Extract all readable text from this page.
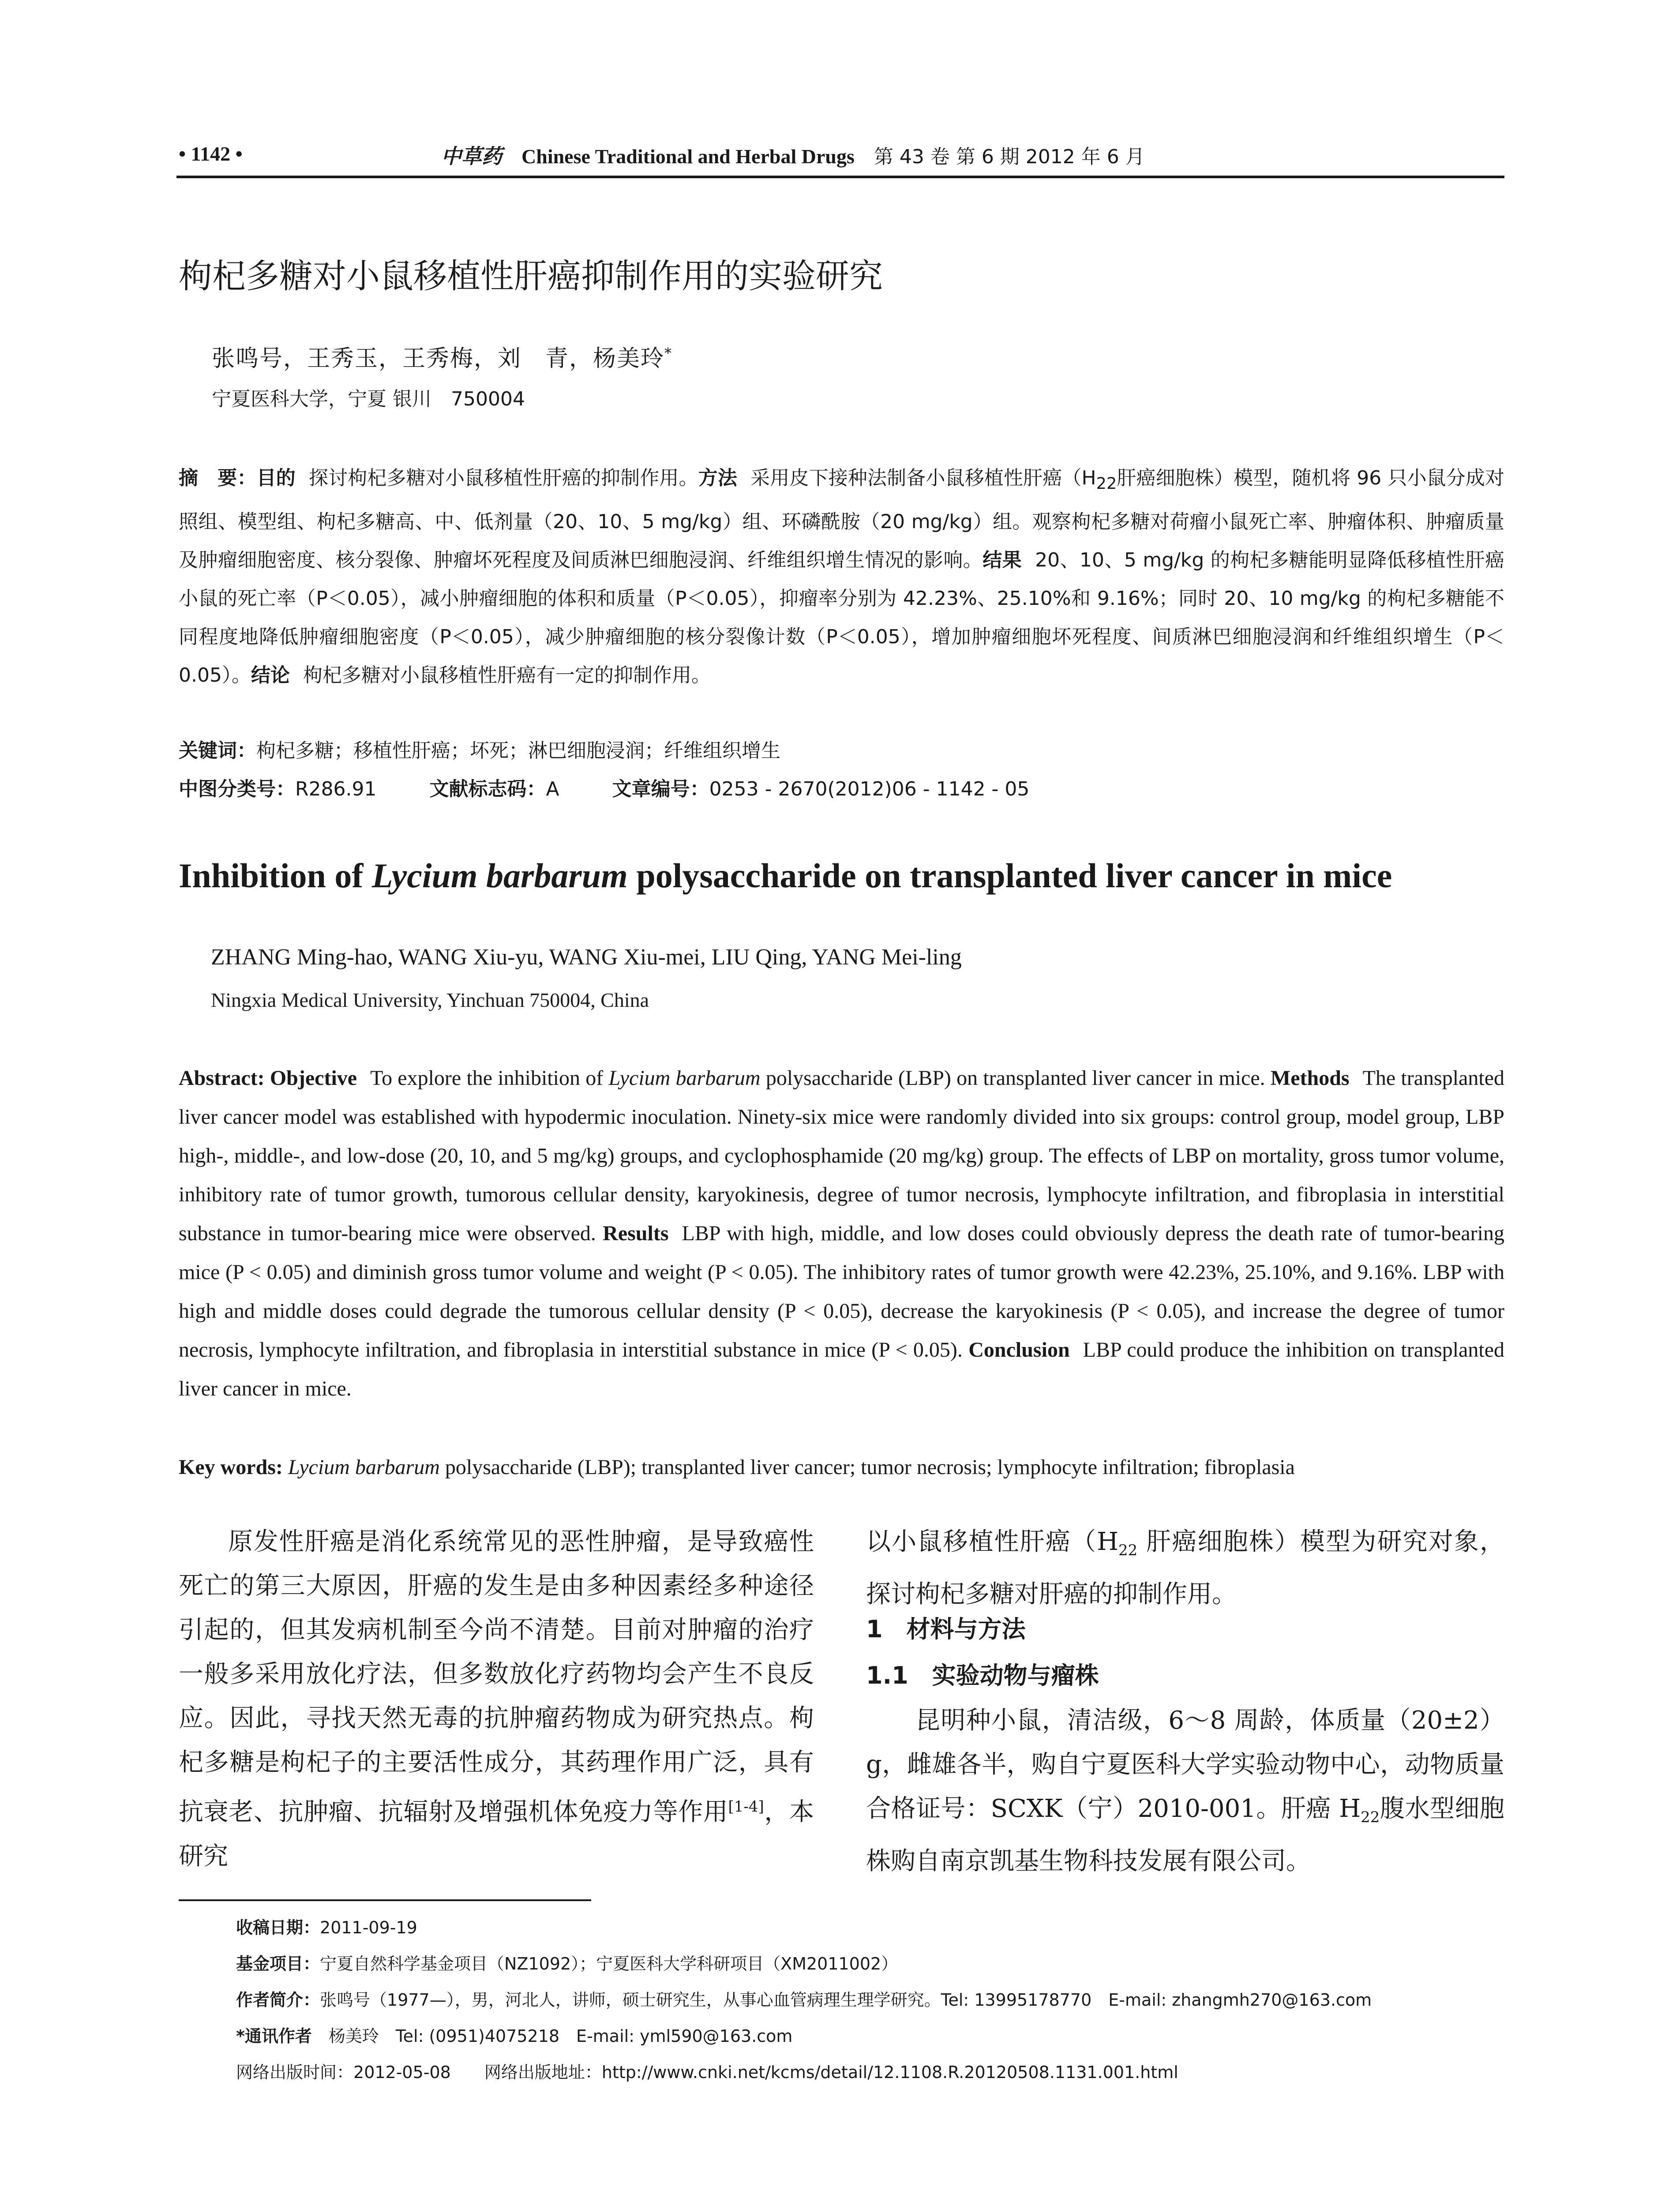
• 1142 •	中草药 Chinese Traditional and Herbal Drugs 第 43 卷 第 6 期 2012 年 6 月
枸杞多糖对小鼠移植性肝癌抑制作用的实验研究
张鸣号，王秀玉，王秀梅，刘　青，杨美玲*
宁夏医科大学，宁夏 银川　750004

摘　要：目的 探讨枸杞多糖对小鼠移植性肝癌的抑制作用。方法 采用皮下接种法制备小鼠移植性肝癌（$H_{22}$肝癌细胞株）模型，随机将 96 只小鼠分成对照组、模型组、枸杞多糖高、中、低剂量（20、10、5 mg/kg）组、环磷酰胺（20 mg/kg）组。观察枸杞多糖对荷瘤小鼠死亡率、肿瘤体积、肿瘤质量及肿瘤细胞密度、核分裂像、肿瘤坏死程度及间质淋巴细胞浸润、纤维组织增生情况的影响。结果 20、10、5 mg/kg 的枸杞多糖能明显降低移植性肝癌小鼠的死亡率（P＜0.05），减小肿瘤细胞的体积和质量（P＜0.05），抑瘤率分别为 42.23%、25.10%和 9.16%；同时 20、10 mg/kg 的枸杞多糖能不同程度地降低肿瘤细胞密度（P＜0.05），减少肿瘤细胞的核分裂像计数（P＜0.05），增加肿瘤细胞坏死程度、间质淋巴细胞浸润和纤维组织增生（P＜0.05）。结论 枸杞多糖对小鼠移植性肝癌有一定的抑制作用。

关键词：枸杞多糖；移植性肝癌；坏死；淋巴细胞浸润；纤维组织增生
中图分类号：R286.91	文献标志码：A	文章编号：0253 - 2670(2012)06 - 1142 - 05
Inhibition of Lycium barbarum polysaccharide on transplanted liver cancer in mice
ZHANG Ming-hao, WANG Xiu-yu, WANG Xiu-mei, LIU Qing, YANG Mei-ling
Ningxia Medical University, Yinchuan 750004, China

Abstract: Objective To explore the inhibition of Lycium barbarum polysaccharide (LBP) on transplanted liver cancer in mice. Methods The transplanted liver cancer model was established with hypodermic inoculation. Ninety-six mice were randomly divided into six groups: control group, model group, LBP high-, middle-, and low-dose (20, 10, and 5 mg/kg) groups, and cyclophosphamide (20 mg/kg) group. The effects of LBP on mortality, gross tumor volume, inhibitory rate of tumor growth, tumorous cellular density, karyokinesis, degree of tumor necrosis, lymphocyte infiltration, and fibroplasia in interstitial substance in tumor-bearing mice were observed. Results LBP with high, middle, and low doses could obviously depress the death rate of tumor-bearing mice (P < 0.05) and diminish gross tumor volume and weight (P < 0.05). The inhibitory rates of tumor growth were 42.23%, 25.10%, and 9.16%. LBP with high and middle doses could degrade the tumorous cellular density (P < 0.05), decrease the karyokinesis (P < 0.05), and increase the degree of tumor necrosis, lymphocyte infiltration, and fibroplasia in interstitial substance in mice (P < 0.05). Conclusion LBP could produce the inhibition on transplanted liver cancer in mice.

Key words: Lycium barbarum polysaccharide (LBP); transplanted liver cancer; tumor necrosis; lymphocyte infiltration; fibroplasia

原发性肝癌是消化系统常见的恶性肿瘤，是导致癌性死亡的第三大原因，肝癌的发生是由多种因素经多种途径引起的，但其发病机制至今尚不清楚。目前对肿瘤的治疗一般多采用放化疗法，但多数放化疗药物均会产生不良反应。因此，寻找天然无毒的抗肿瘤药物成为研究热点。枸杞多糖是枸杞子的主要活性成分，其药理作用广泛，具有抗衰老、抗肿瘤、抗辐射及增强机体免疫力等作用[1-4]，本研究

以小鼠移植性肝癌（$H_{22}$ 肝癌细胞株）模型为研究对象，探讨枸杞多糖对肝癌的抑制作用。

1　材料与方法
1.1　实验动物与瘤株

昆明种小鼠，清洁级，6～8 周龄，体质量（20±2）g，雌雄各半，购自宁夏医科大学实验动物中心，动物质量合格证号：SCXK（宁）2010-001。肝癌 $H_{22}$腹水型细胞株购自南京凯基生物科技发展有限公司。

收稿日期：2011-09-19
基金项目：宁夏自然科学基金项目（NZ1092）；宁夏医科大学科研项目（XM2011002）
作者简介：张鸣号（1977—），男，河北人，讲师，硕士研究生，从事心血管病理生理学研究。Tel: 13995178770　E-mail: zhangmh270@163.com
*通讯作者　 杨美玲　Tel: (0951)4075218　E-mail: yml590@163.com
网络出版时间：2012-05-08　　 网络出版地址：http://www.cnki.net/kcms/detail/12.1108.R.20120508.1131.001.html
